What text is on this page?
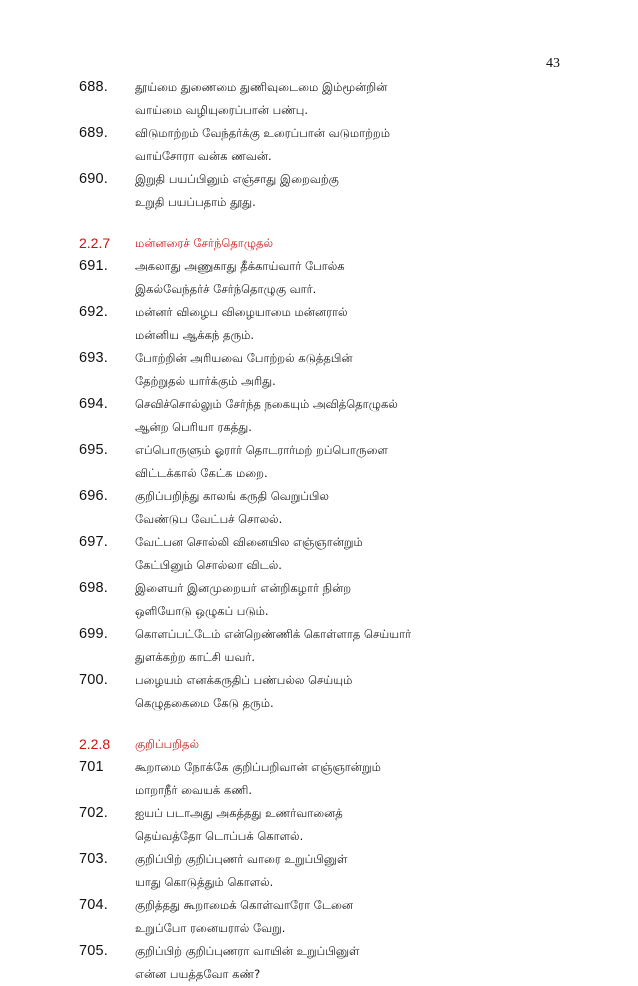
43
688.	தூய்மை துணைமை துணிவுடைமை இம்மூன்றின்
வாய்மை வழியுரைப்பான் பண்பு.
689.	விடுமாற்றம் வேந்தர்க்கு உரைப்பான் வடுமாற்றம்
வாய்சோரா வன்க ணவன்.
690.	இறுதி பயப்பினும் எஞ்சாது இறைவற்கு
உறுதி பயப்பதாம் தூது.
2.2.7	மன்னரைச் சேர்ந்தொழுதல்
691.	அகலாது அணுகாது தீக்காய்வார் போல்க
இகல்வேந்தர்ச் சேர்ந்தொழுகு வார்.
692.	மன்னர் விழைப விழையாமை மன்னரால்
மன்னிய ஆக்கந் தரும்.
693.	போற்றின் அரியவை போற்றல் கடுத்தபின்
தேற்றுதல் யார்க்கும் அரிது.
694.	செவிச்சொல்லும் சேர்ந்த நகையும் அவித்தொழுகல்
ஆன்ற பெரியா ரகத்து.
695.	எப்பொருளும் ஓரார் தொடரார்மற் றப்பொருளை
விட்டக்கால் கேட்க மறை.
696.	குறிப்பறிந்து காலங் கருதி வெறுப்பில
வேண்டுப வேட்பச் சொலல்.
697.	வேட்பன சொல்லி வினையில எஞ்ஞான்றும்
கேட்பினும் சொல்லா விடல்.
698.	இளையர் இனமுறையர் என்றிகழார் நின்ற
ஒளியோடு ஒழுகப் படும்.
699.	கொளப்பட்டேம் என்றெண்ணிக் கொள்ளாத செய்யார்
துளக்கற்ற காட்சி யவர்.
700.	பழையம் எனக்கருதிப் பண்பல்ல செய்யும்
கெழுதகைமை கேடு தரும்.
2.2.8	குறிப்பறிதல்
701	கூறாமை நோக்கே குறிப்பறிவான் எஞ்ஞான்றும்
மாறாநீர் வையக் கணி.
702.	ஐயப் படாஅது அகத்தது உணர்வானைத்
தெய்வத்தோ டொப்பக் கொளல்.
703.	குறிப்பிற் குறிப்புணர் வாரை உறுப்பினுள்
யாது கொடுத்தும் கொளல்.
704.	குறித்தது கூறாமைக் கொள்வாரோ டேனை
உறுப்போ ரனையரால் வேறு.
705.	குறிப்பிற் குறிப்புணரா வாயின் உறுப்பினுள்
என்ன பயத்தவோ கண்?
